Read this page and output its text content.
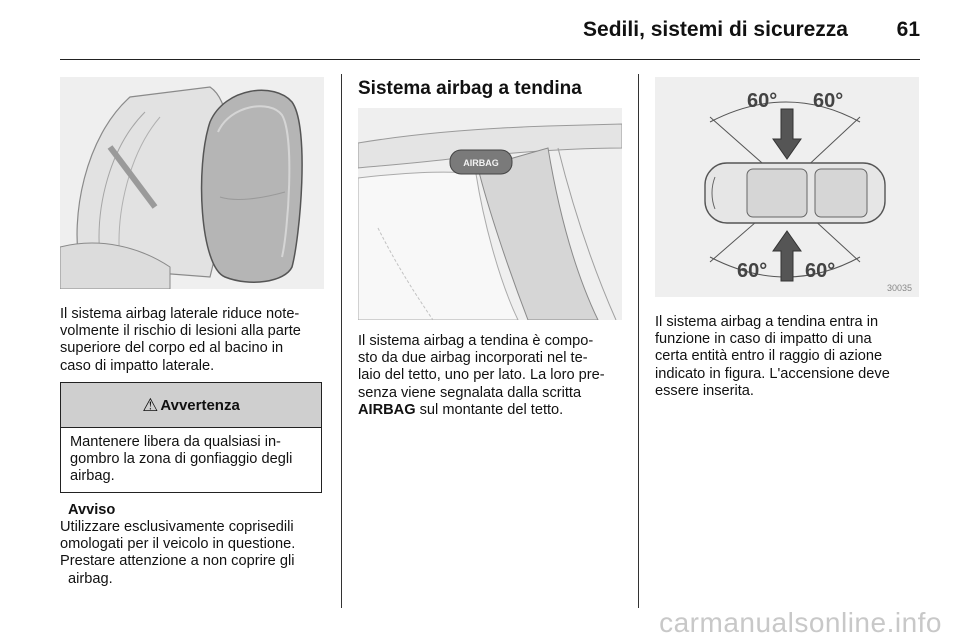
Sedili, sistemi di sicurezza 61
Il sistema airbag laterale riduce note-
volmente il rischio di lesioni alla parte
superiore del corpo ed al bacino in
caso di impatto laterale.
⚠ Avvertenza
Mantenere libera da qualsiasi in-
gombro la zona di gonfiaggio degli
airbag.
Avviso
Utilizzare esclusivamente coprisedili
omologati per il veicolo in questione.
Prestare attenzione a non coprire gli
airbag.
Sistema airbag a tendina
AIRBAG
Il sistema airbag a tendina è compo-
sto da due airbag incorporati nel te-
laio del tetto, uno per lato. La loro pre-
senza viene segnalata dalla scritta
AIRBAG sul montante del tetto.
60° 60°
60° 60°
30035
Il sistema airbag a tendina entra in
funzione in caso di impatto di una
certa entità entro il raggio di azione
indicato in figura. L'accensione deve
essere inserita.
carmanualsonline.info
